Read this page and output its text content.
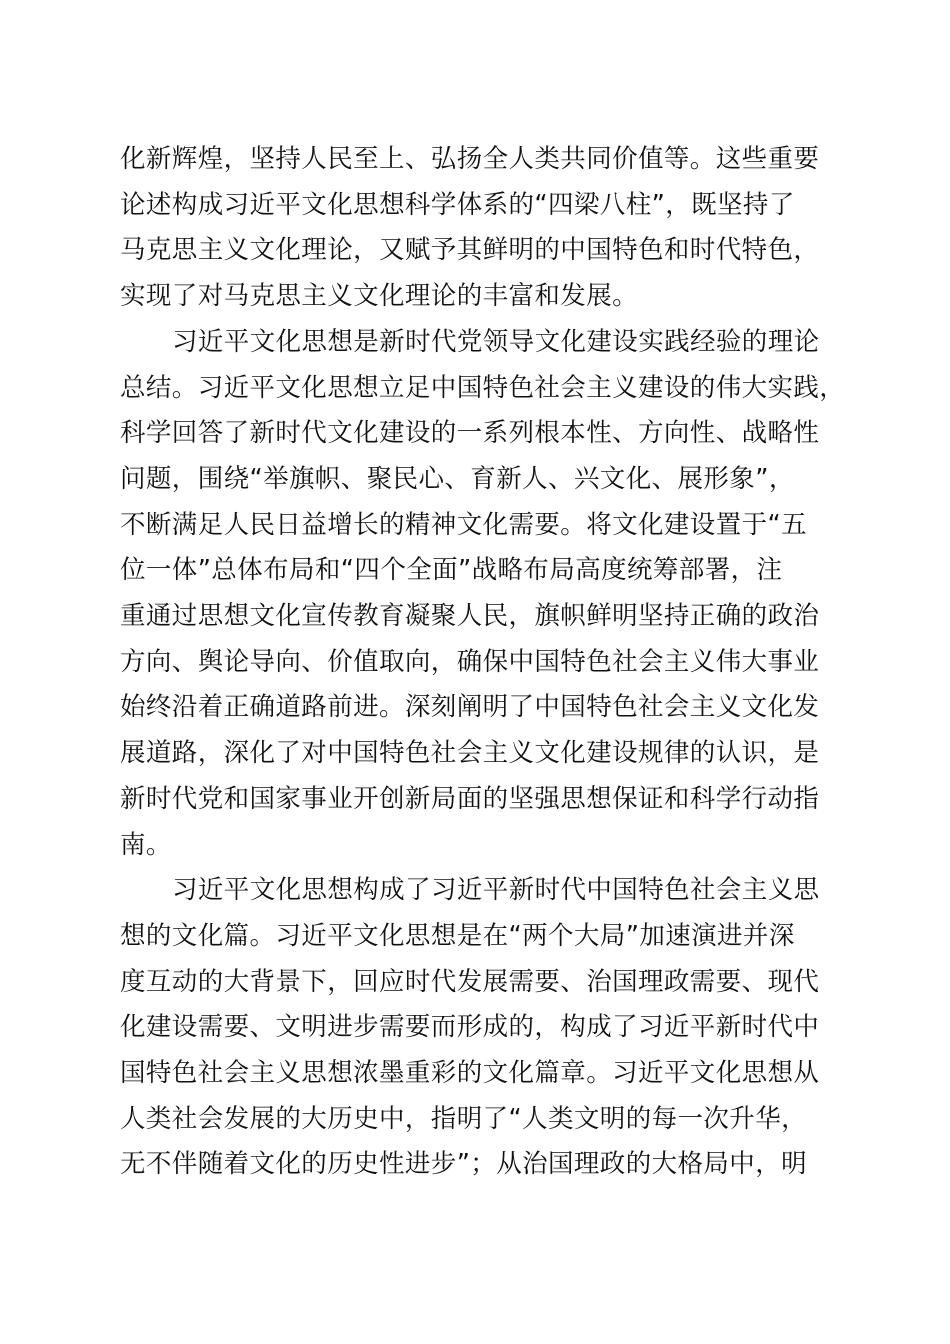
化新辉煌，坚持人民至上、弘扬全人类共同价值等。这些重要
论述构成习近平文化思想科学体系的“四梁八柱”，既坚持了
马克思主义文化理论，又赋予其鲜明的中国特色和时代特色，
实现了对马克思主义文化理论的丰富和发展。
习近平文化思想是新时代党领导文化建设实践经验的理论
总结。习近平文化思想立足中国特色社会主义建设的伟大实践，
科学回答了新时代文化建设的一系列根本性、方向性、战略性
问题，围绕“举旗帜、聚民心、育新人、兴文化、展形象”，
不断满足人民日益增长的精神文化需要。将文化建设置于“五
位一体”总体布局和“四个全面”战略布局高度统筹部署，注
重通过思想文化宣传教育凝聚人民，旗帜鲜明坚持正确的政治
方向、舆论导向、价值取向，确保中国特色社会主义伟大事业
始终沿着正确道路前进。深刻阐明了中国特色社会主义文化发
展道路，深化了对中国特色社会主义文化建设规律的认识，是
新时代党和国家事业开创新局面的坚强思想保证和科学行动指
南。
习近平文化思想构成了习近平新时代中国特色社会主义思
想的文化篇。习近平文化思想是在“两个大局”加速演进并深
度互动的大背景下，回应时代发展需要、治国理政需要、现代
化建设需要、文明进步需要而形成的，构成了习近平新时代中
国特色社会主义思想浓墨重彩的文化篇章。习近平文化思想从
人类社会发展的大历史中，指明了“人类文明的每一次升华，
无不伴随着文化的历史性进步”；从治国理政的大格局中，明
